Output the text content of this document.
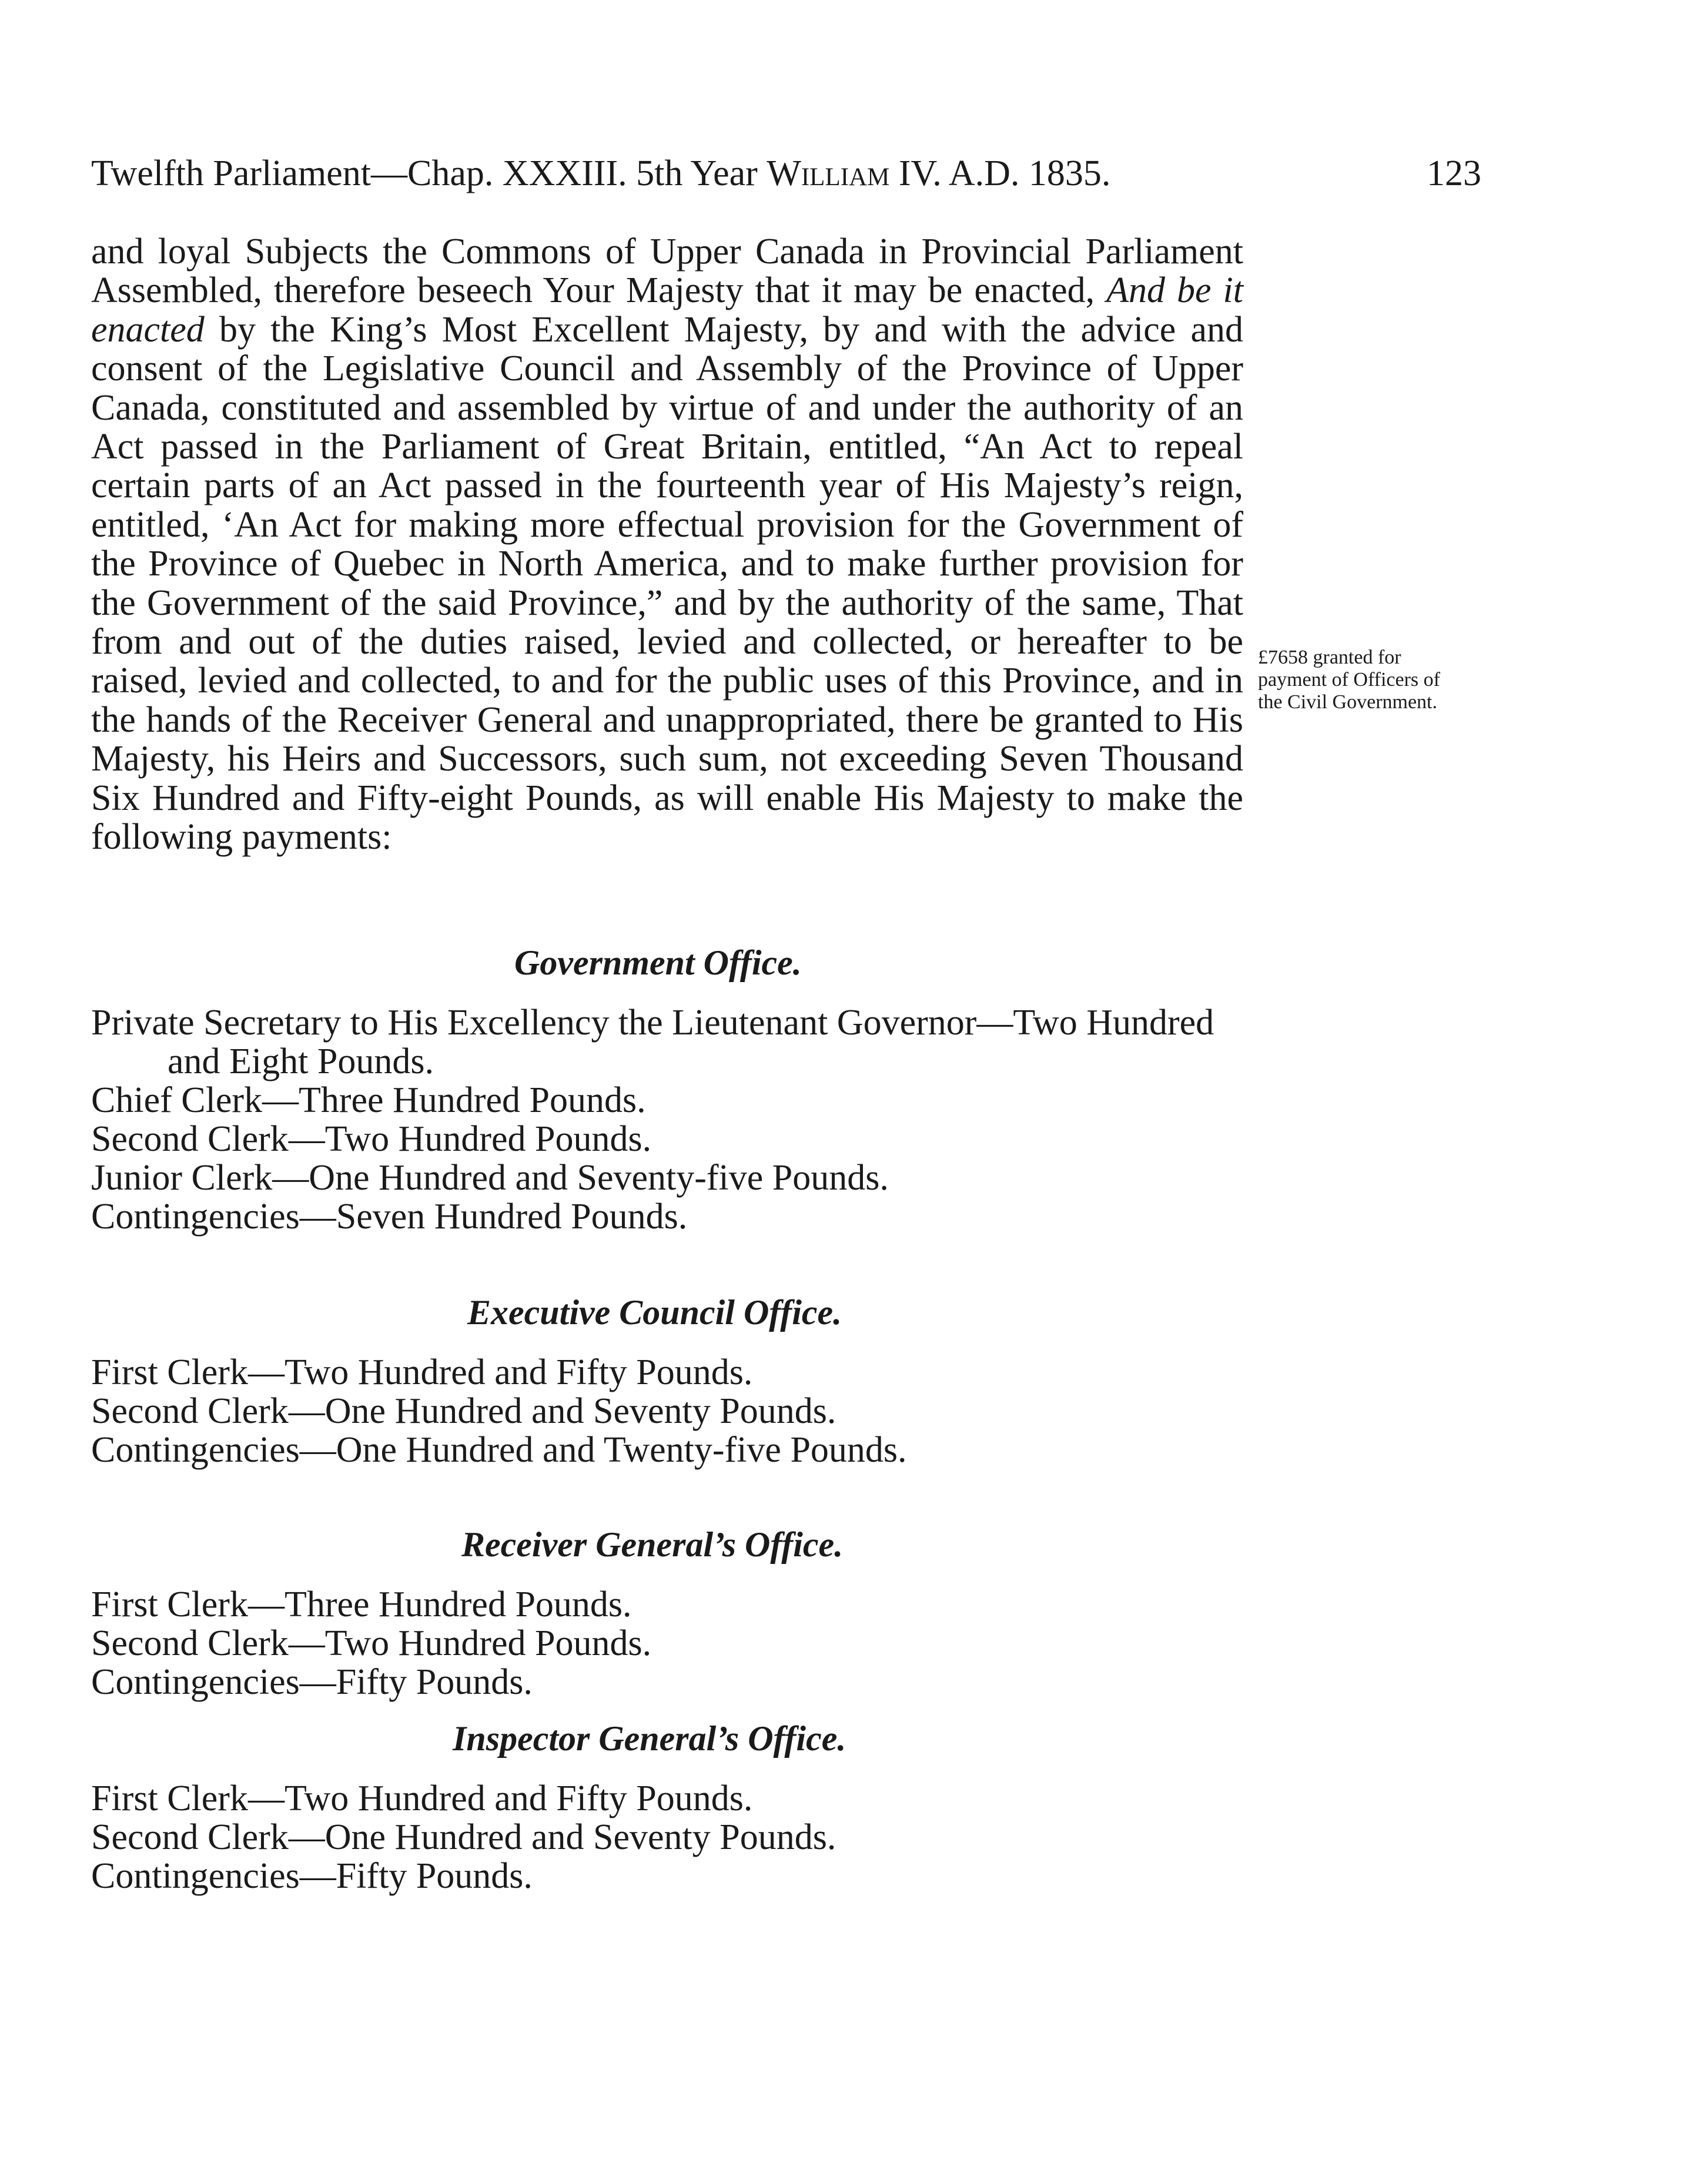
Twelfth Parliament—Chap. XXXIII. 5th Year William IV. A.D. 1835.	123

and loyal Subjects the Commons of Upper Canada in Provincial Parliament Assembled, therefore beseech Your Majesty that it may be enacted, And be it enacted by the King’s Most Excellent Majesty, by and with the advice and consent of the Legislative Council and Assembly of the Province of Upper Canada, constituted and assembled by virtue of and under the authority of an Act passed in the Parliament of Great Britain, entitled, “An Act to repeal certain parts of an Act passed in the fourteenth year of His Majesty’s reign, entitled, ‘An Act for making more effectual provision for the Government of the Province of Quebec in North America, and to make further provision for the Government of the said Province,” and by the authority of the same, That from and out of the duties raised, levied and collected, or hereafter to be raised, levied and collected, to and for the public uses of this Province, and in the hands of the Receiver General and unappropriated, there be granted to His Majesty, his Heirs and Successors, such sum, not exceeding Seven Thousand Six Hundred and Fifty-eight Pounds, as will enable His Majesty to make the following payments:

£7658 granted for payment of Officers of the Civil Government.
Government Office.
Private Secretary to His Excellency the Lieutenant Governor—Two Hundred and Eight Pounds.
Chief Clerk—Three Hundred Pounds.
Second Clerk—Two Hundred Pounds.
Junior Clerk—One Hundred and Seventy-five Pounds.
Contingencies—Seven Hundred Pounds.
Executive Council Office.
First Clerk—Two Hundred and Fifty Pounds.
Second Clerk—One Hundred and Seventy Pounds.
Contingencies—One Hundred and Twenty-five Pounds.
Receiver General’s Office.
First Clerk—Three Hundred Pounds.
Second Clerk—Two Hundred Pounds.
Contingencies—Fifty Pounds.
Inspector General’s Office.
First Clerk—Two Hundred and Fifty Pounds.
Second Clerk—One Hundred and Seventy Pounds.
Contingencies—Fifty Pounds.
